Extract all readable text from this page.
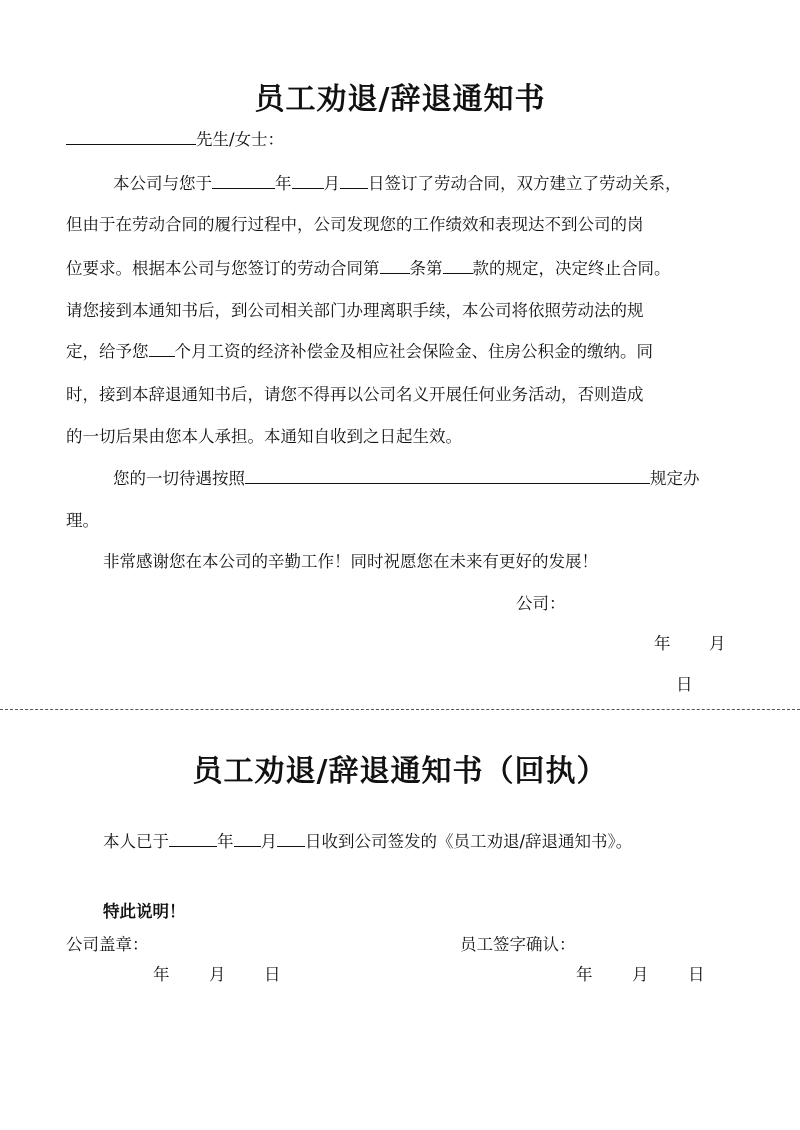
员工劝退/辞退通知书
先生/女士：
本公司与您于	年 月 日签订了劳动合同，双方建立了劳动关系，
但由于在劳动合同的履行过程中，公司发现您的工作绩效和表现达不到公司的岗
位要求。根据本公司与您签订的劳动合同第 条第 款的规定，决定终止合同。
请您接到本通知书后，到公司相关部门办理离职手续，本公司将依照劳动法的规
定，给予您 个月工资的经济补偿金及相应社会保险金、住房公积金的缴纳。同
时，接到本辞退通知书后，请您不得再以公司名义开展任何业务活动，否则造成
的一切后果由您本人承担。本通知自收到之日起生效。
您的一切待遇按照	规定办
理。
非常感谢您在本公司的辛勤工作！同时祝愿您在未来有更好的发展！
公司：
年 月
日
员工劝退/辞退通知书（回执）
本人已于	年 月 日收到公司签发的《员工劝退/辞退通知书》。
特此说明！
公司盖章：	员工签字确认：
年 月 日	年 月 日
